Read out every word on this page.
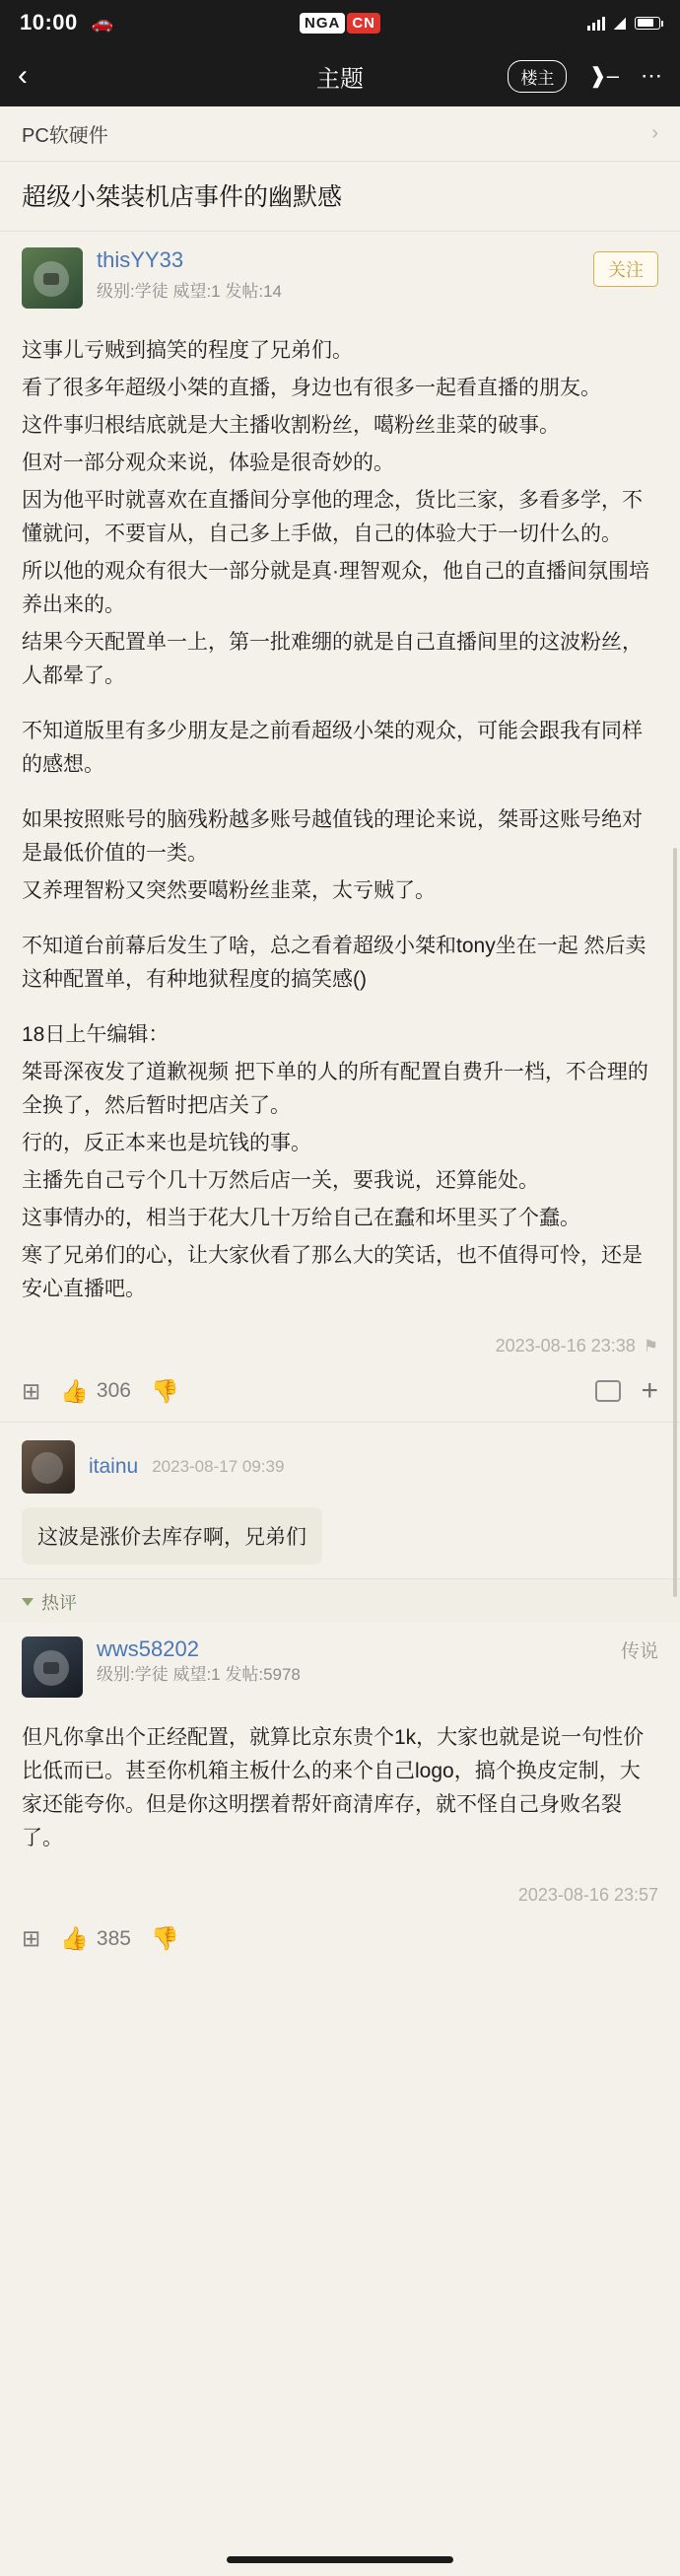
10:00 🚗	NGA CN	◢
‹	主题	楼主	❱– ⋯
PC软硬件	›
超级小桀装机店事件的幽默感
thisYY33
级别:学徒 威望:1 发帖:14
关注

这事儿亏贼到搞笑的程度了兄弟们。

看了很多年超级小桀的直播，身边也有很多一起看直播的朋友。

这件事归根结底就是大主播收割粉丝，噶粉丝韭菜的破事。

但对一部分观众来说，体验是很奇妙的。

因为他平时就喜欢在直播间分享他的理念，货比三家，多看多学，不懂就问，不要盲从，自己多上手做，自己的体验大于一切什么的。

所以他的观众有很大一部分就是真·理智观众，他自己的直播间氛围培养出来的。

结果今天配置单一上，第一批难绷的就是自己直播间里的这波粉丝，人都晕了。

不知道版里有多少朋友是之前看超级小桀的观众，可能会跟我有同样的感想。

如果按照账号的脑残粉越多账号越值钱的理论来说，桀哥这账号绝对是最低价值的一类。

又养理智粉又突然要噶粉丝韭菜，太亏贼了。

不知道台前幕后发生了啥，总之看着超级小桀和tony坐在一起 然后卖这种配置单，有种地狱程度的搞笑感()

18日上午编辑：

桀哥深夜发了道歉视频 把下单的人的所有配置自费升一档，不合理的全换了，然后暂时把店关了。

行的，反正本来也是坑钱的事。

主播先自己亏个几十万然后店一关，要我说，还算能处。

这事情办的，相当于花大几十万给自己在蠢和坏里买了个蠢。

寒了兄弟们的心，让大家伙看了那么大的笑话，也不值得可怜，还是安心直播吧。

2023-08-16 23:38 ⚑
⊞ 👍 306 👎	+
itainu 2023-08-17 09:39
这波是涨价去库存啊，兄弟们
热评
wws58202
级别:学徒 威望:1 发帖:5978
传说

但凡你拿出个正经配置，就算比京东贵个1k，大家也就是说一句性价比低而已。甚至你机箱主板什么的来个自己logo，搞个换皮定制，大家还能夸你。但是你这明摆着帮奸商清库存，就不怪自己身败名裂了。

2023-08-16 23:57
⊞ 👍 385 👎
